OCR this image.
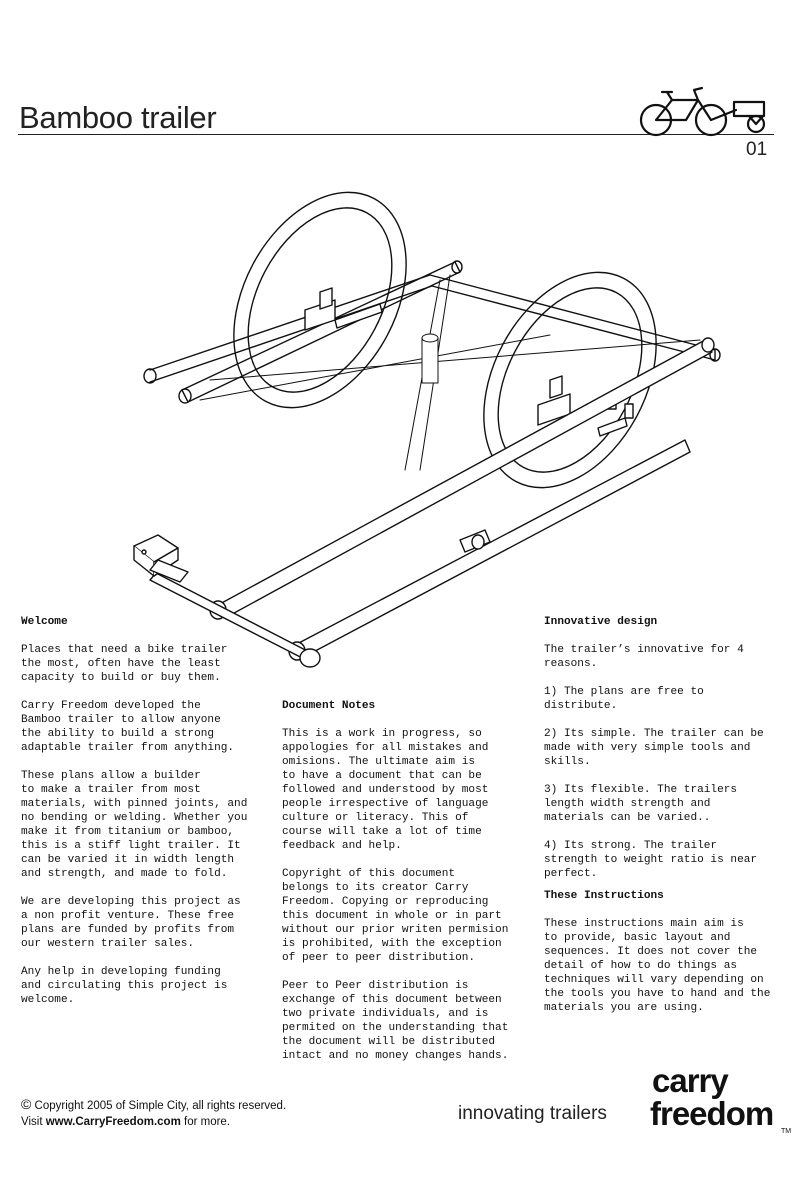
Bamboo trailer
01
Welcome

Places that need a bike trailer
the most, often have the least
capacity to build or buy them.

Carry Freedom developed the
Bamboo trailer to allow anyone
the ability to build a strong
adaptable trailer from anything.

These plans allow a builder
to make a trailer from most
materials, with pinned joints, and
no bending or welding. Whether you
make it from titanium or bamboo,
this is a stiff light trailer. It
can be varied it in width length
and strength, and made to fold.

We are developing this project as
a non profit venture. These free
plans are funded by profits from
our western trailer sales.

Any help in developing funding
and circulating this project is
welcome.

Document Notes

This is a work in progress, so
appologies for all mistakes and
omisions. The ultimate aim is
to have a document that can be
followed and understood by most
people irrespective of language
culture or literacy. This of
course will take a lot of time
feedback and help.

Copyright of this document
belongs to its creator Carry
Freedom. Copying or reproducing
this document in whole or in part
without our prior writen permision
is prohibited, with the exception
of peer to peer distribution.

Peer to Peer distribution is
exchange of this document between
two private individuals, and is
permited on the understanding that
the document will be distributed
intact and no money changes hands.

Innovative design

The trailer’s innovative for 4
reasons.

1) The plans are free to
distribute.

2) Its simple. The trailer can be
made with very simple tools and
skills.

3) Its flexible. The trailers
length width strength and
materials can be varied..

4) Its strong. The trailer
strength to weight ratio is near
perfect.

These Instructions

These instructions main aim is
to provide, basic layout and
sequences. It does not cover the
detail of how to do things as
techniques will vary depending on
the tools you have to hand and the
materials you are using.

© Copyright 2005 of Simple City, all rights reserved.
Visit www.CarryFreedom.com for more.	innovating trailers
carry
freedom TM
